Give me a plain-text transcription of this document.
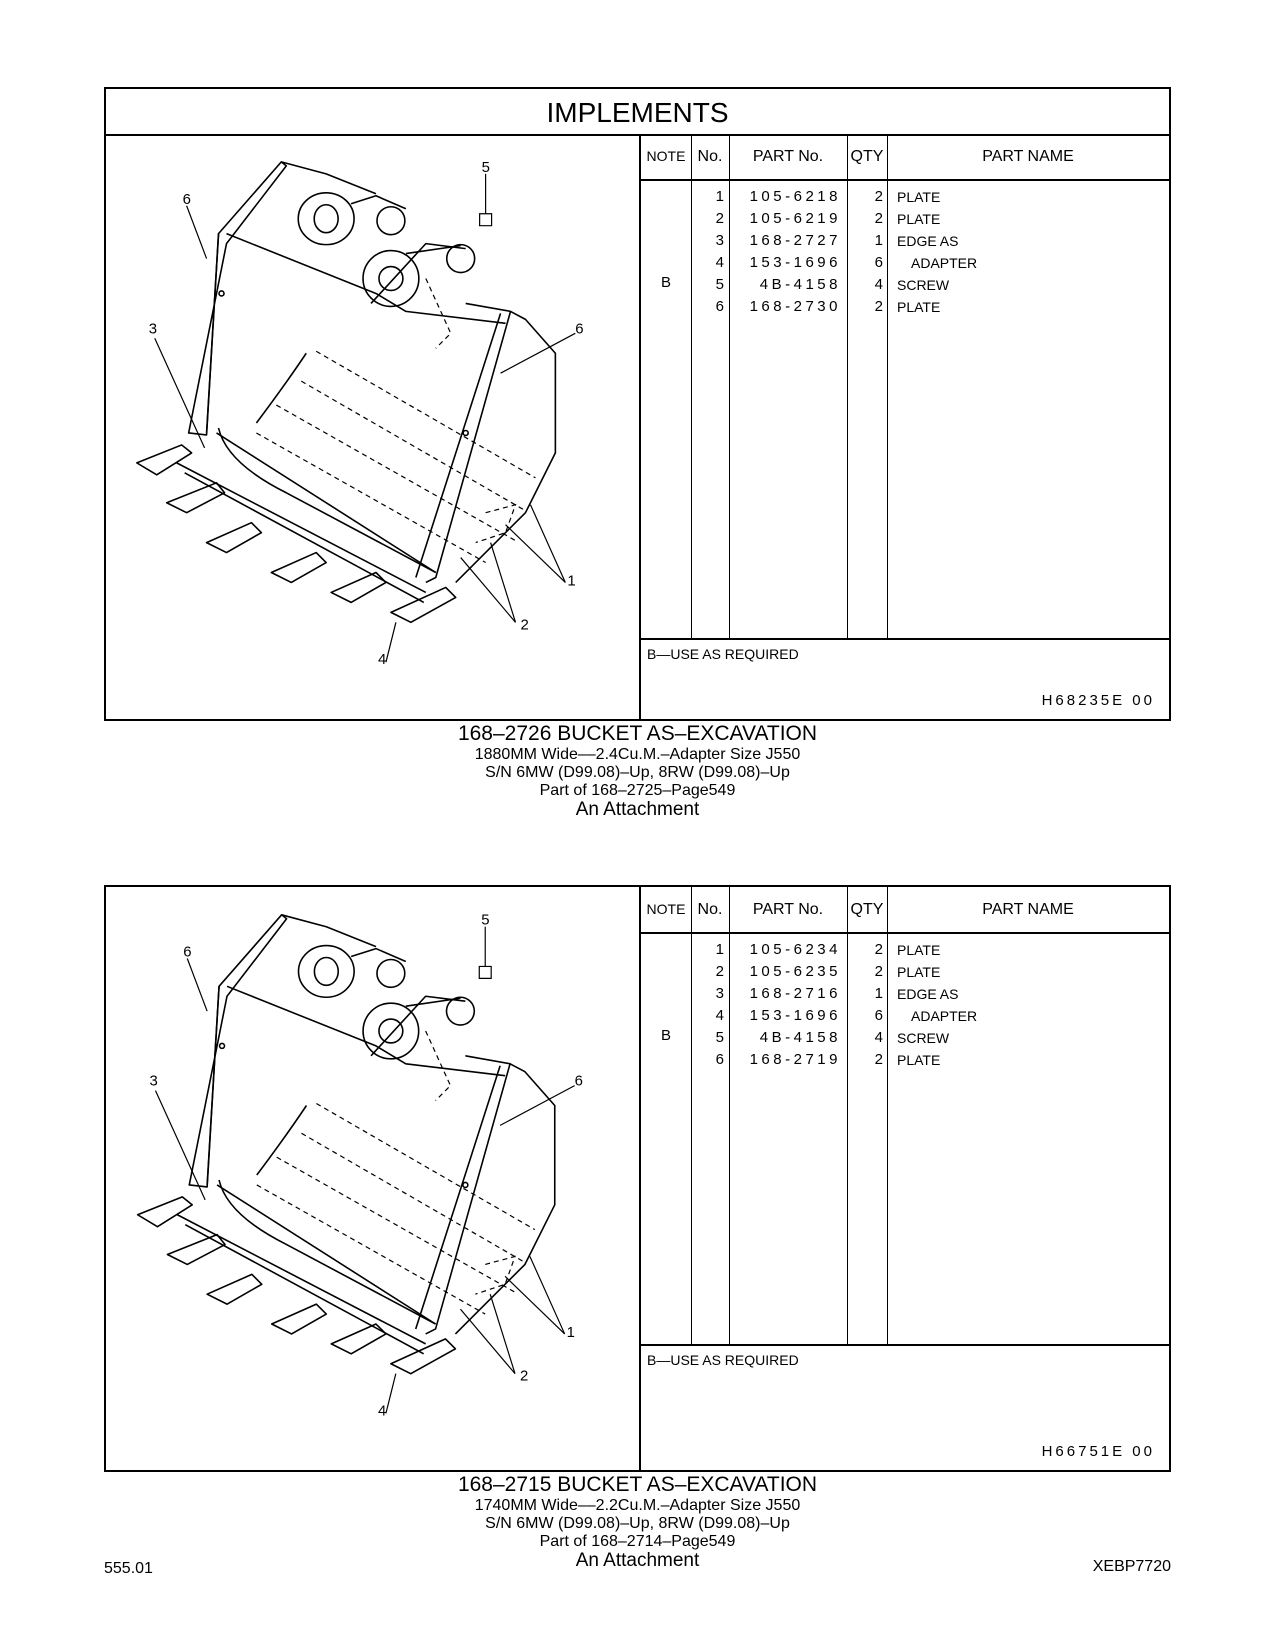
IMPLEMENTS
6
3
5
6
1
2
4
NOTE No.	PART No.	QTY	PART NAME
B
1	105-6218	2 PLATE
2	105-6219	2 PLATE
3	168-2727	1 EDGE AS
4	153-1696	6 ADAPTER
5	4B-4158	4 SCREW
6	168-2730	2 PLATE
B—USE AS REQUIRED
H68235E 00
168–2726 BUCKET AS–EXCAVATION
1880MM Wide––2.4Cu.M.–Adapter Size J550
S/N 6MW (D99.08)–Up, 8RW (D99.08)–Up
Part of 168–2725–Page549
An Attachment
6
3
5
6
1
2
4
NOTE No.	PART No.	QTY	PART NAME
B
1	105-6234	2 PLATE
2	105-6235	2 PLATE
3	168-2716	1 EDGE AS
4	153-1696	6 ADAPTER
5	4B-4158	4 SCREW
6	168-2719	2 PLATE
B—USE AS REQUIRED
H66751E 00
168–2715 BUCKET AS–EXCAVATION
1740MM Wide––2.2Cu.M.–Adapter Size J550
S/N 6MW (D99.08)–Up, 8RW (D99.08)–Up
Part of 168–2714–Page549
An Attachment
555.01	XEBP7720
